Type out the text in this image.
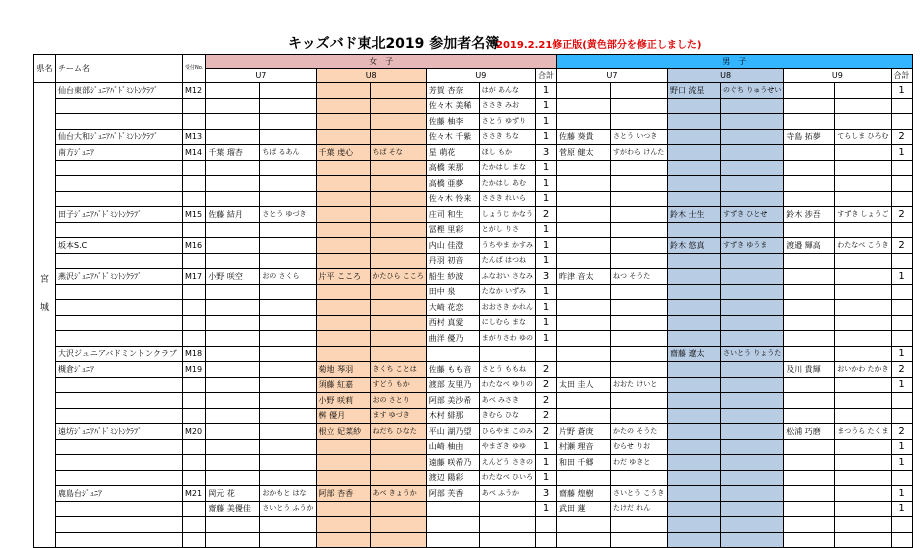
キッズバド東北2019 参加者名簿
2019.2.21修正版(黄色部分を修正しました)
県名	チーム名	受付No.	女　子							男　子						
			U7		U8		U9		合計	U7		U8		U9		合計

宮
城	仙台東部ｼﾞｭﾆｱﾊﾞﾄﾞﾐﾝﾄﾝｸﾗﾌﾞ	M12					芳賀 杏奈	はが あんな	1			野口 流星	のぐち りゅうせい			1
							佐々木 美稀	ささき みお	1							
							佐藤 柚李	さとう ゆずり	1							
	仙台大和ｼﾞｭﾆｱﾊﾞﾄﾞﾐﾝﾄﾝｸﾗﾌﾞ	M13					佐々木 千紫	ささき ちな	1	佐藤 葵貴	さとう いつき			寺島 拓夢	てらしま ひろむ	2
	南方ｼﾞｭﾆｱ	M14	千葉 瑠杏	ちば るあん	千葉 虔心	ちば そな	星 萌花	ほし もか	3	菅原 健太	すがわら けんた					1
							高橋 茉那	たかはし まな	1							
							高橋 亜夢	たかはし あむ	1							
							佐々木 怜来	ささき れいら	1							
	田子ｼﾞｭﾆｱﾊﾞﾄﾞﾐﾝﾄﾝｸﾗﾌﾞ	M15	佐藤 結月	さとう ゆづき			庄司 和生	しょうじ かなう	2			鈴木 士生	すずき ひとせ	鈴木 渉吾	すずき しょうご	2
							冨樫 里彩	とがし りさ	1							
	坂本S.C	M16					内山 佳澄	うちやま かすみ	1			鈴木 悠真	すずき ゆうま	渡邉 輝高	わたなべ こうき	2
							丹羽 初音	たんば はつね	1							
	燕沢ｼﾞｭﾆｱﾊﾞﾄﾞﾐﾝﾄﾝｸﾗﾌﾞ	M17	小野 咲空	おの さくら	片平 こころ	かたひら こころ	船生 紗波	ふなおい さなみ	3	昨津 音太	ねつ そうた					1
							田中 泉	たなか いずみ	1							
							大崎 花恋	おおさき かれん	1							
							西村 真愛	にしむら まな	1							
							曲洋 優乃	まがりさわ ゆの	1							
	大沢ジュニアバドミントンクラブ	M18										齋藤 遼太	さいとう りょうた			1
	槻倉ｼﾞｭﾆｱ	M19			菊地 琴羽	きくち ことは	佐藤 もも音	さとう ももね	2					及川 貴輝	おいかわ たかき	2
					須藤 紅嘉	すどう もか	渡部 友里乃	わたなべ ゆりの	2	太田 圭人	おおた けいと					1
					小野 咲莉	おの さとり	阿部 美沙希	あべ みさき	2							
					桝 優月	ます ゆづき	木村 緋那	きむら ひな	2							
	遠坊ｼﾞｭﾆｱﾊﾞﾄﾞﾐﾝﾄﾝｸﾗﾌﾞ	M20			根立 妃菜紗	ねだち ひなた	平山 湖乃望	ひらやま このみ	2	片野 蒼庚	かたの そうた			松浦 巧磨	まつうら たくま	2
							山崎 柚由	やまざき ゆゆ	1	村瀬 理音	むらせ りお					1
							遠藤 咲希乃	えんどう さきの	1	和田 千郷	わだ ゆきと					1
							渡辺 陽彩	わたなべ ひいろ	1							
	鹿島台ｼﾞｭﾆｱ	M21	岡元 花	おかもと はな	阿部 杏香	あべ きょうか	阿部 芙香	あべ ふうか	3	齋藤 煌樹	さいとう こうき					1
			齋藤 美優佳	さいとう ふうか					1	武田 蓮	たけだ れん					1
